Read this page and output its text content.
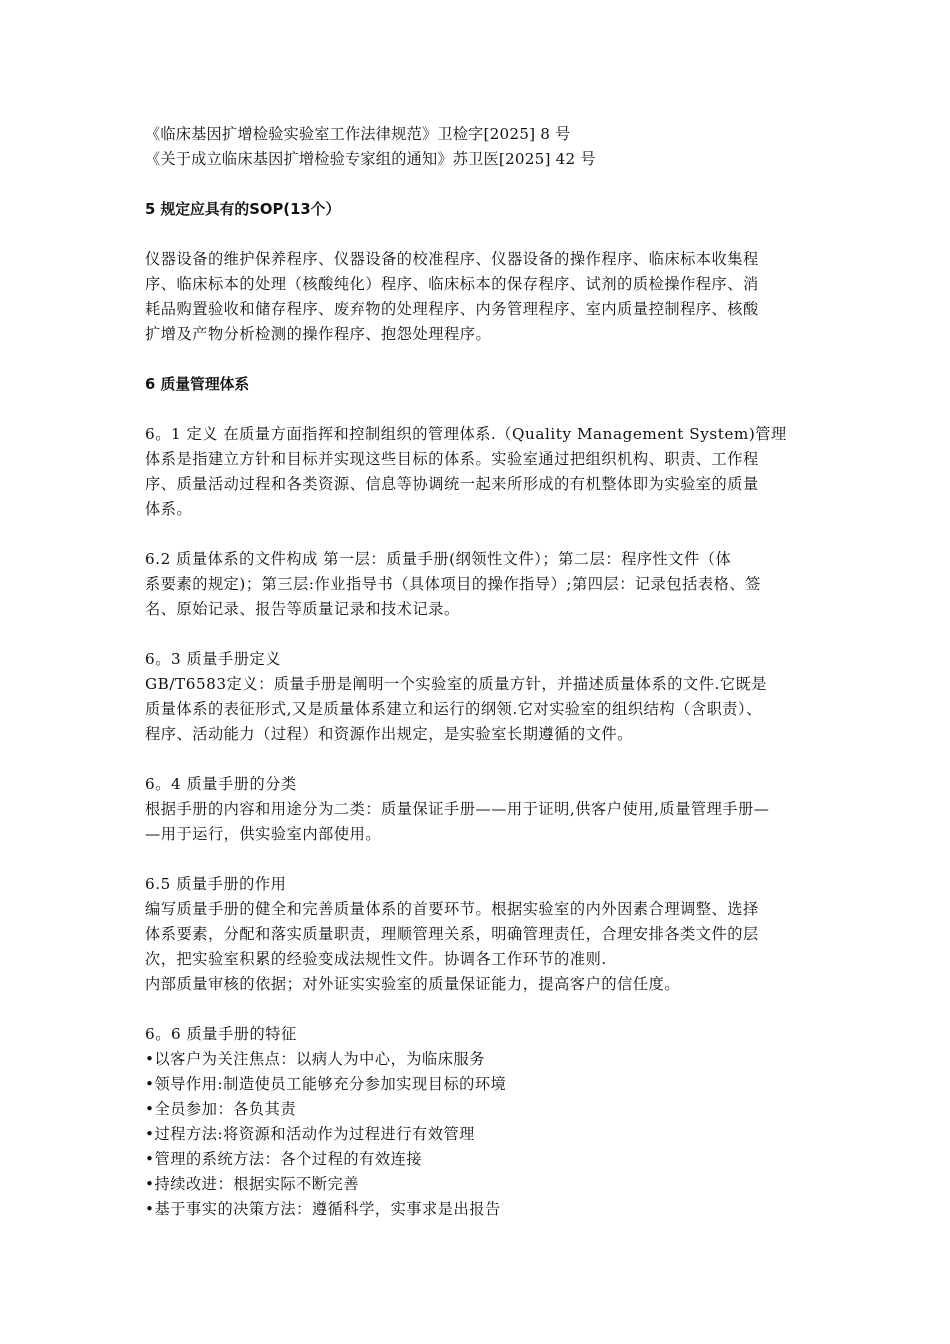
《临床基因扩增检验实验室工作法律规范》卫检字[2025] 8 号
《关于成立临床基因扩增检验专家组的通知》苏卫医[2025] 42 号
5 规定应具有的SOP(13个）
仪器设备的维护保养程序、仪器设备的校准程序、仪器设备的操作程序、临床标本收集程
序、临床标本的处理（核酸纯化）程序、临床标本的保存程序、试剂的质检操作程序、消
耗品购置验收和储存程序、废弃物的处理程序、内务管理程序、室内质量控制程序、核酸
扩增及产物分析检测的操作程序、抱怨处理程序。
6 质量管理体系
6。1 定义 在质量方面指挥和控制组织的管理体系.（Quality Management System)管理
体系是指建立方针和目标并实现这些目标的体系。实验室通过把组织机构、职责、工作程
序、质量活动过程和各类资源、信息等协调统一起来所形成的有机整体即为实验室的质量
体系。
6.2 质量体系的文件构成 第一层：质量手册(纲领性文件）；第二层：程序性文件（体
系要素的规定)；第三层:作业指导书（具体项目的操作指导）;第四层：记录包括表格、签
名、原始记录、报告等质量记录和技术记录。
6。3 质量手册定义
GB/T6583定义：质量手册是阐明一个实验室的质量方针，并描述质量体系的文件.它既是
质量体系的表征形式,又是质量体系建立和运行的纲领.它对实验室的组织结构（含职责）、
程序、活动能力（过程）和资源作出规定，是实验室长期遵循的文件。
6。4 质量手册的分类
根据手册的内容和用途分为二类：质量保证手册——用于证明,供客户使用,质量管理手册—
—用于运行，供实验室内部使用。
6.5 质量手册的作用
编写质量手册的健全和完善质量体系的首要环节。根据实验室的内外因素合理调整、选择
体系要素，分配和落实质量职责，理顺管理关系，明确管理责任，合理安排各类文件的层
次，把实验室积累的经验变成法规性文件。协调各工作环节的准则.
内部质量审核的依据；对外证实实验室的质量保证能力，提高客户的信任度。
6。6 质量手册的特征
•以客户为关注焦点：以病人为中心，为临床服务
•领导作用:制造使员工能够充分参加实现目标的环境
•全员参加：各负其责
•过程方法:将资源和活动作为过程进行有效管理
•管理的系统方法：各个过程的有效连接
•持续改进：根据实际不断完善
•基于事实的决策方法：遵循科学，实事求是出报告
